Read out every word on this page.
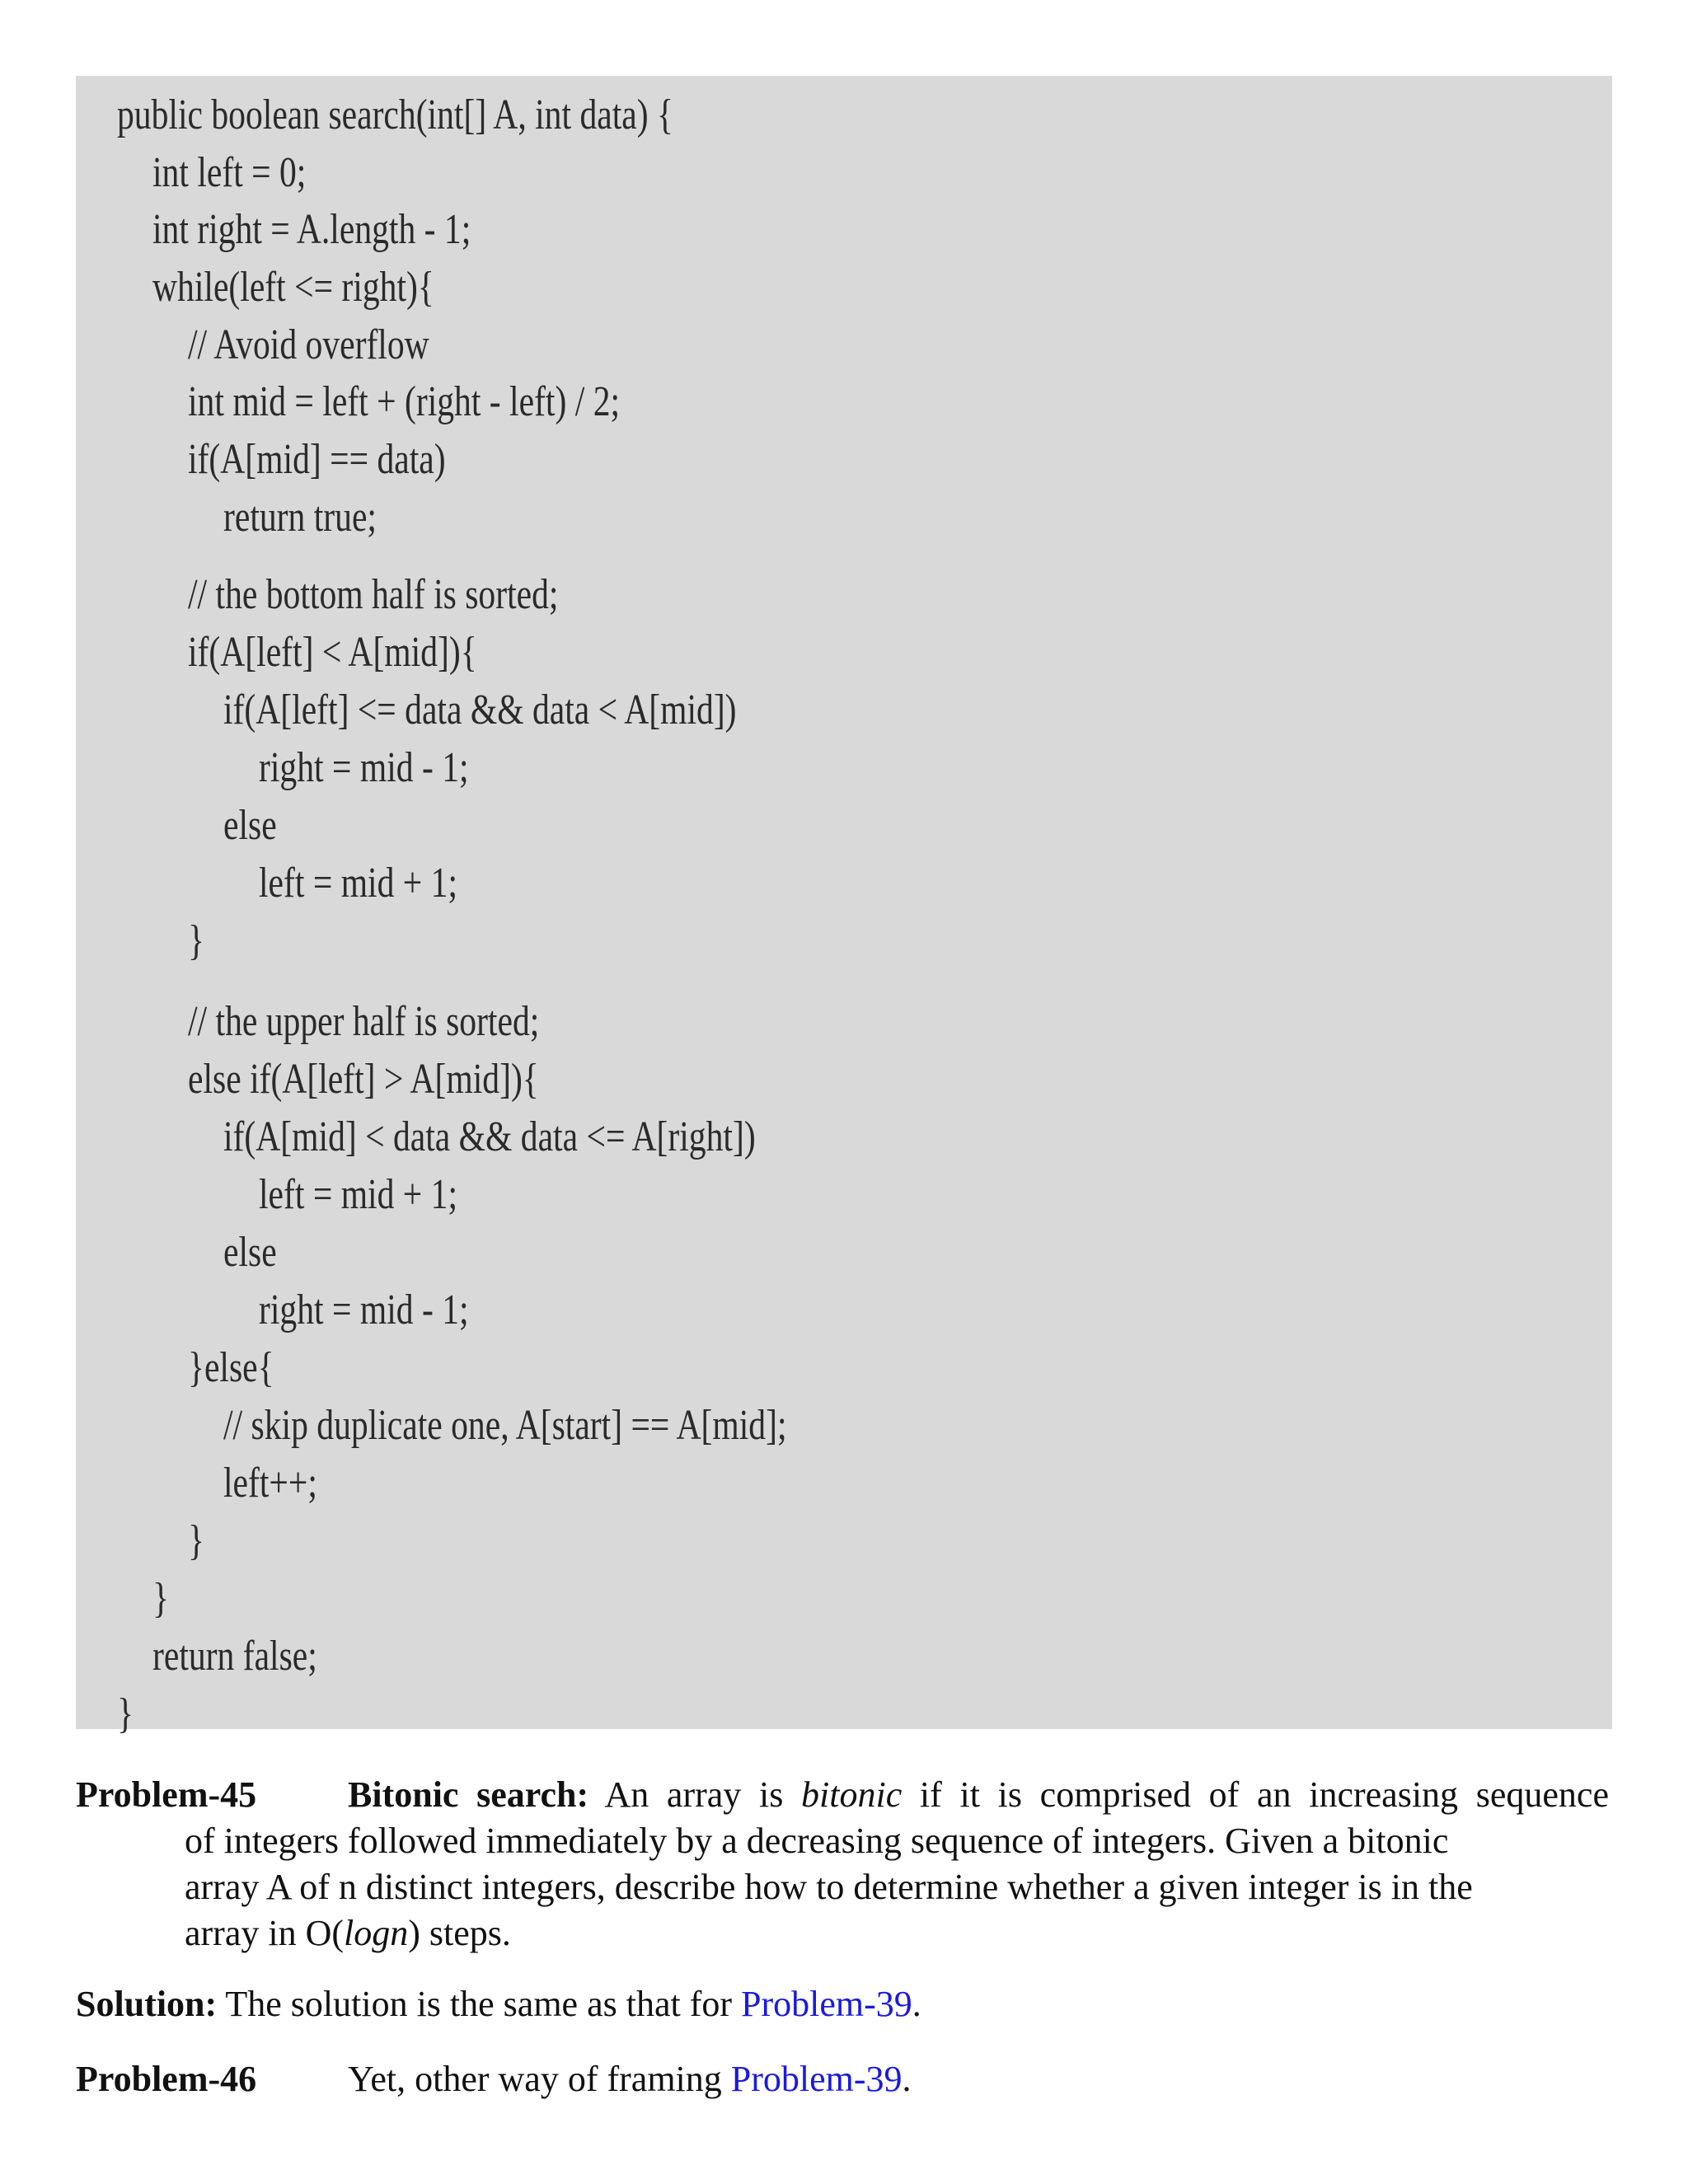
public boolean search(int[] A, int data) {
int left = 0;
int right = A.length - 1;
while(left <= right){
// Avoid overflow
int mid = left + (right - left) / 2;
if(A[mid] == data)
return true;
// the bottom half is sorted;
if(A[left] < A[mid]){
if(A[left] <= data && data < A[mid])
right = mid - 1;
else
left = mid + 1;
}
// the upper half is sorted;
else if(A[left] > A[mid]){
if(A[mid] < data && data <= A[right])
left = mid + 1;
else
right = mid - 1;
}else{
// skip duplicate one, A[start] == A[mid];
left++;
}
}
return false;
}
Problem-45	Bitonic search: An array is bitonic if it is comprised of an increasing sequence
of integers followed immediately by a decreasing sequence of integers. Given a bitonic
array A of n distinct integers, describe how to determine whether a given integer is in the
array in O(logn) steps.
Solution: The solution is the same as that for Problem-39.
Problem-46	Yet, other way of framing Problem-39.
